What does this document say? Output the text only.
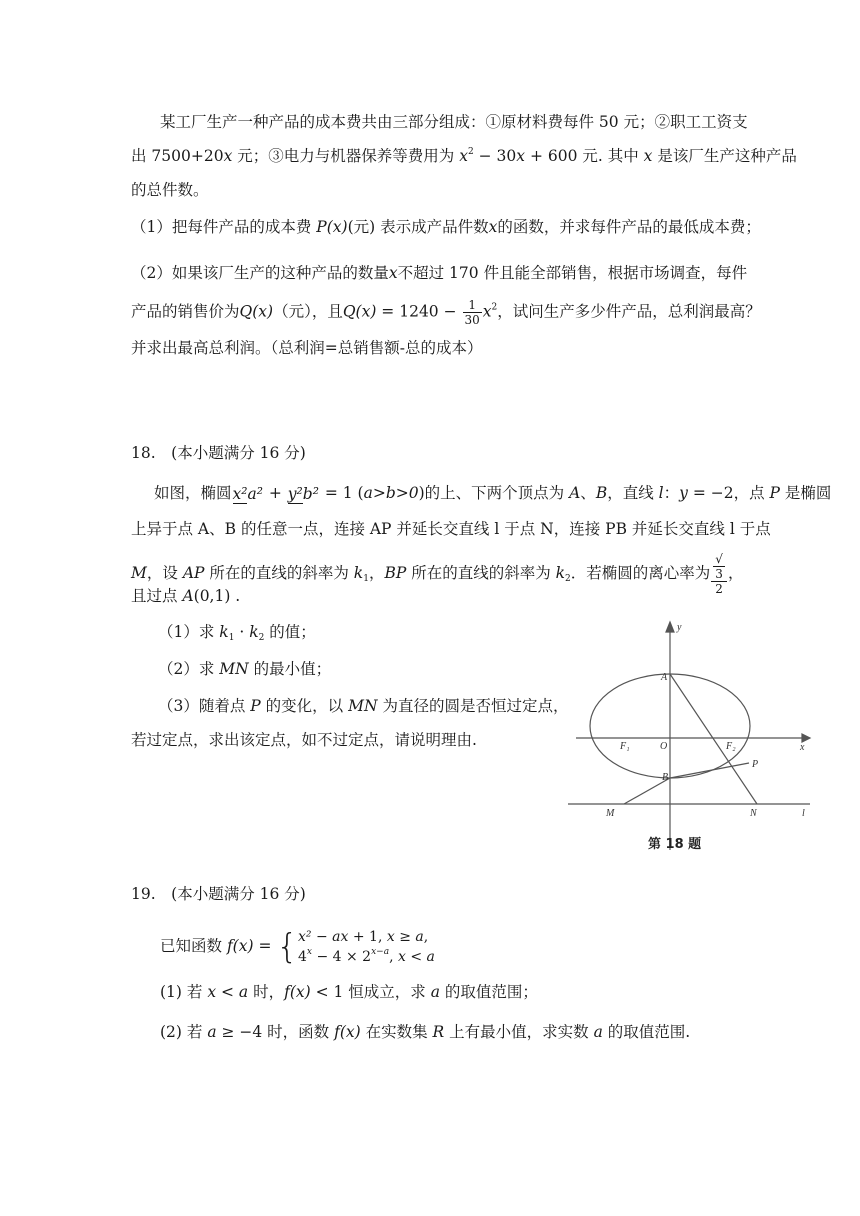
某工厂生产一种产品的成本费共由三部分组成：①原材料费每件 50 元；②职工工资支
出 7500+20x 元；③电力与机器保养等费用为 $x^2 - 30x + 600$ 元. 其中 x 是该厂生产这种产品
的总件数。
（1）把每件产品的成本费 P(x)(元) 表示成产品件数x的函数，并求每件产品的最低成本费；
（2）如果该厂生产的这种产品的数量x不超过 170 件且能全部销售，根据市场调查，每件
产品的销售价为Q(x)（元），且$Q(x) = 1240 - \frac{1}{30} x^2$，试问生产多少件产品，总利润最高？
并求出最高总利润。（总利润=总销售额-总的成本）
18.　(本小题满分 16 分)
如图，椭圆x²a² + y²b² = 1 (a>b>0)的上、下两个顶点为 A、B，直线 l：y = −2，点 P 是椭圆
上异于点 A、B 的任意一点，连接 AP 并延长交直线 l 于点 N，连接 PB 并延长交直线 l 于点
M，设 AP 所在的直线的斜率为 $k_1$，BP 所在的直线的斜率为 $k_2$．若椭圆的离心率为 √
3
2 ，
且过点 A(0,1) .
（1）求 $k_1 \cdot k_2$ 的值；
（2）求 MN 的最小值；
（3）随着点 P 的变化，以 MN 为直径的圆是否恒过定点，
若过定点，求出该定点，如不过定点，请说明理由.
y
x
A
O
F₁	F₂
P
B
M	N	l
第 18 题
19.　(本小题满分 16 分)
已知函数 f(x) = {x² − ax + 1, x ≥ a,
$4^x - 4 \times 2^{x-a}$, x < a
(1) 若 x < a 时，f(x) < 1 恒成立，求 a 的取值范围；
(2) 若 a ≥ −4 时，函数 f(x) 在实数集 R 上有最小值，求实数 a 的取值范围.
